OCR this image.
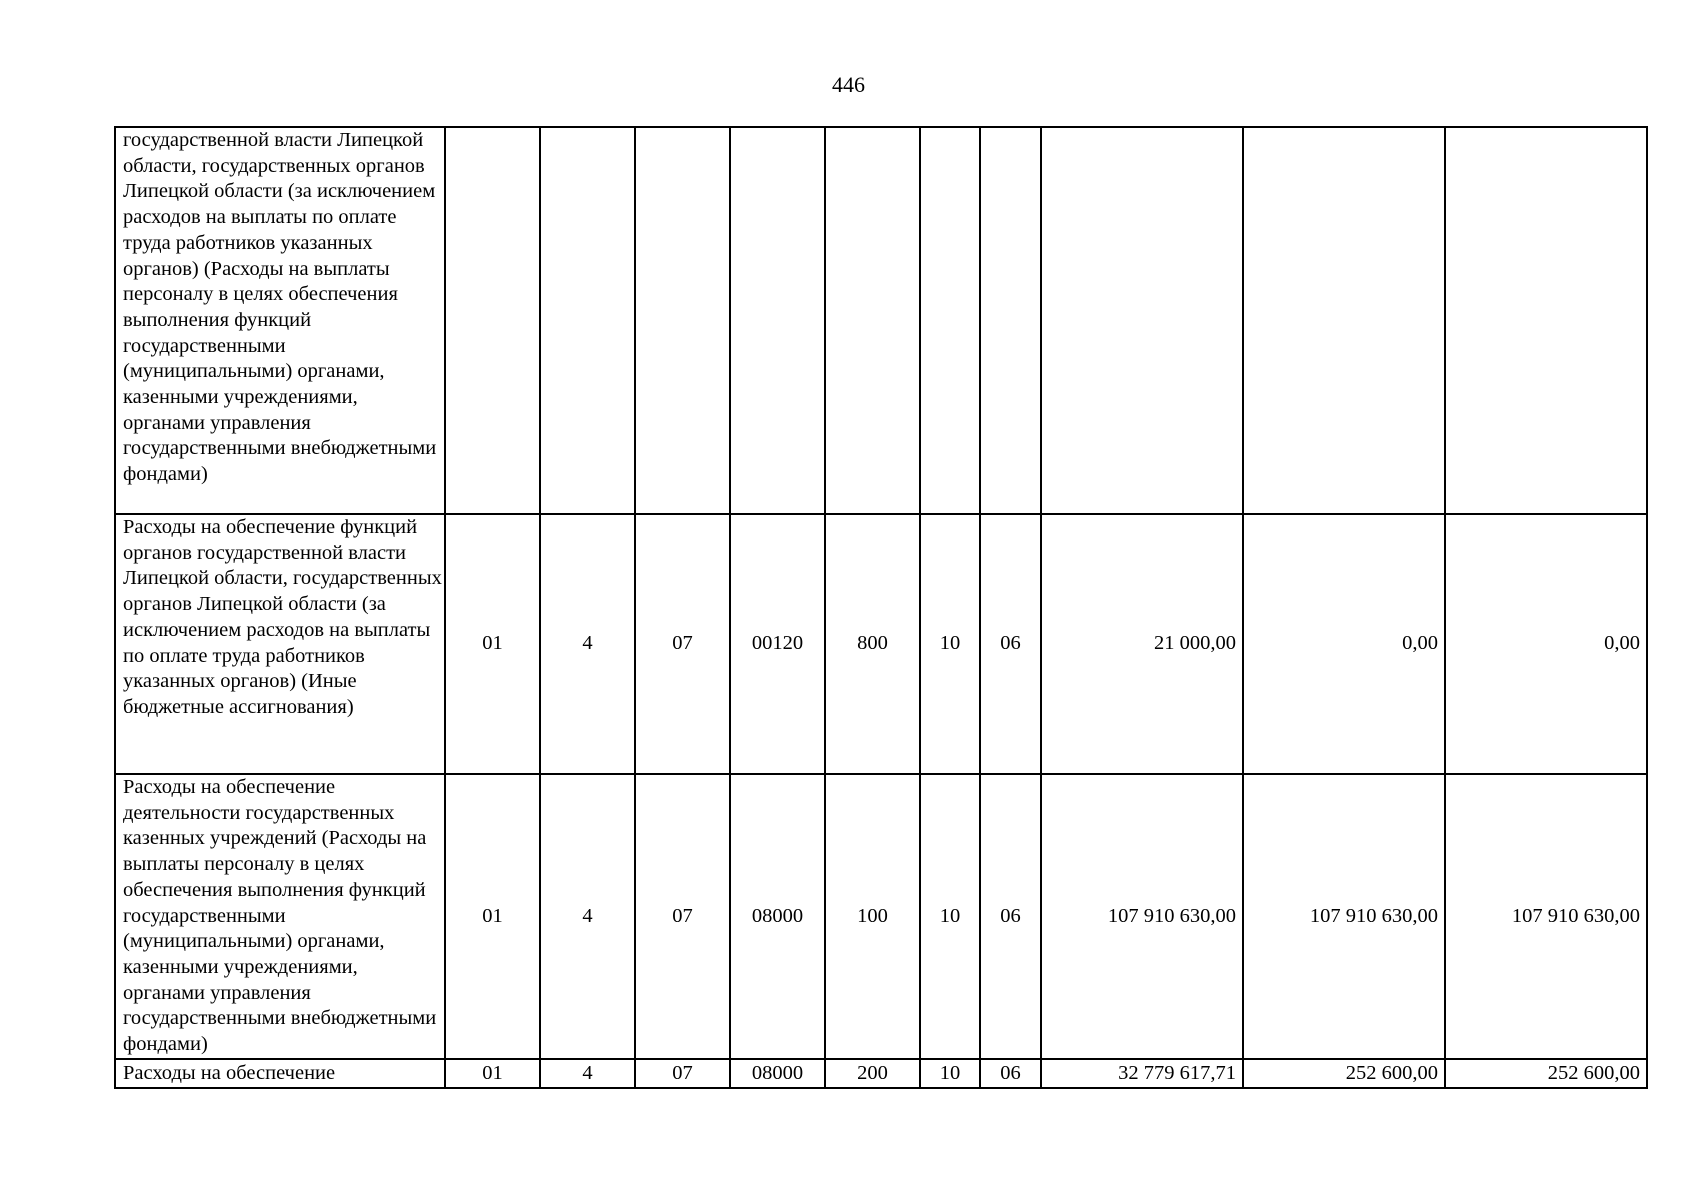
446
государственной власти Липецкой области, государственных органов Липецкой области (за исключением расходов на выплаты по оплате труда работников указанных органов) (Расходы на выплаты персоналу в целях обеспечения выполнения функций государственными (муниципальными) органами, казенными учреждениями, органами управления государственными внебюджетными фондами)										
Расходы на обеспечение функций органов государственной власти Липецкой области, государственных органов Липецкой области (за исключением расходов на выплаты по оплате труда работников указанных органов) (Иные бюджетные ассигнования)	01	4	07	00120	800	10	06	21 000,00	0,00	0,00
Расходы на обеспечение деятельности государственных казенных учреждений (Расходы на выплаты персоналу в целях обеспечения выполнения функций государственными (муниципальными) органами, казенными учреждениями, органами управления государственными внебюджетными фондами)	01	4	07	08000	100	10	06	107 910 630,00	107 910 630,00	107 910 630,00
Расходы на обеспечение	01	4	07	08000	200	10	06	32 779 617,71	252 600,00	252 600,00
